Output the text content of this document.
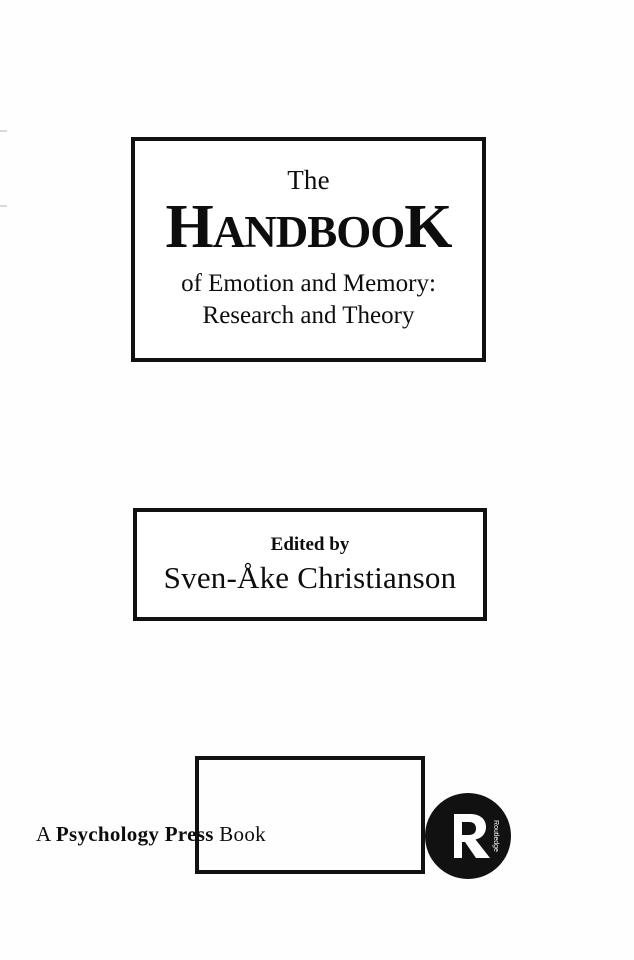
The
HANDBOOK
of Emotion and Memory:
Research and Theory
Edited by
Sven-Åke Christianson
A Psychology Press Book	Routledge
